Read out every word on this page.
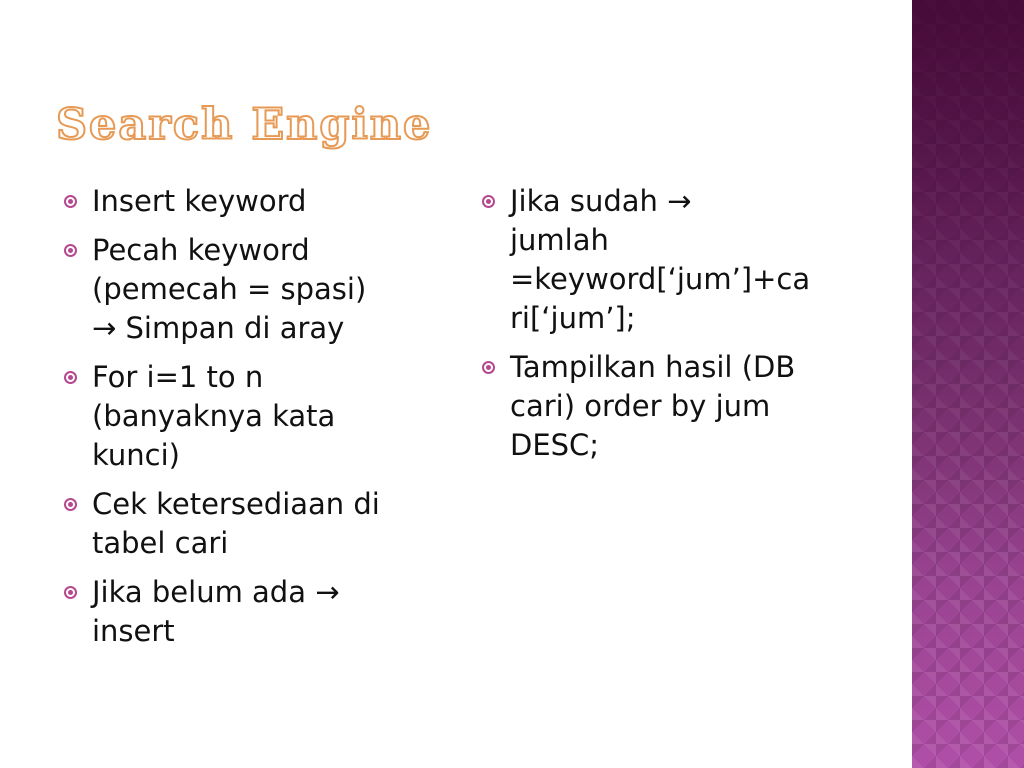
Search Engine
Insert keyword
Pecah keyword
(pemecah = spasi)
→ Simpan di aray
For i=1 to n
(banyaknya kata
kunci)
Cek ketersediaan di
tabel cari
Jika belum ada →
insert
Jika sudah →
jumlah
=keyword[‘jum’]+ca
ri[‘jum’];
Tampilkan hasil (DB
cari) order by jum
DESC;
